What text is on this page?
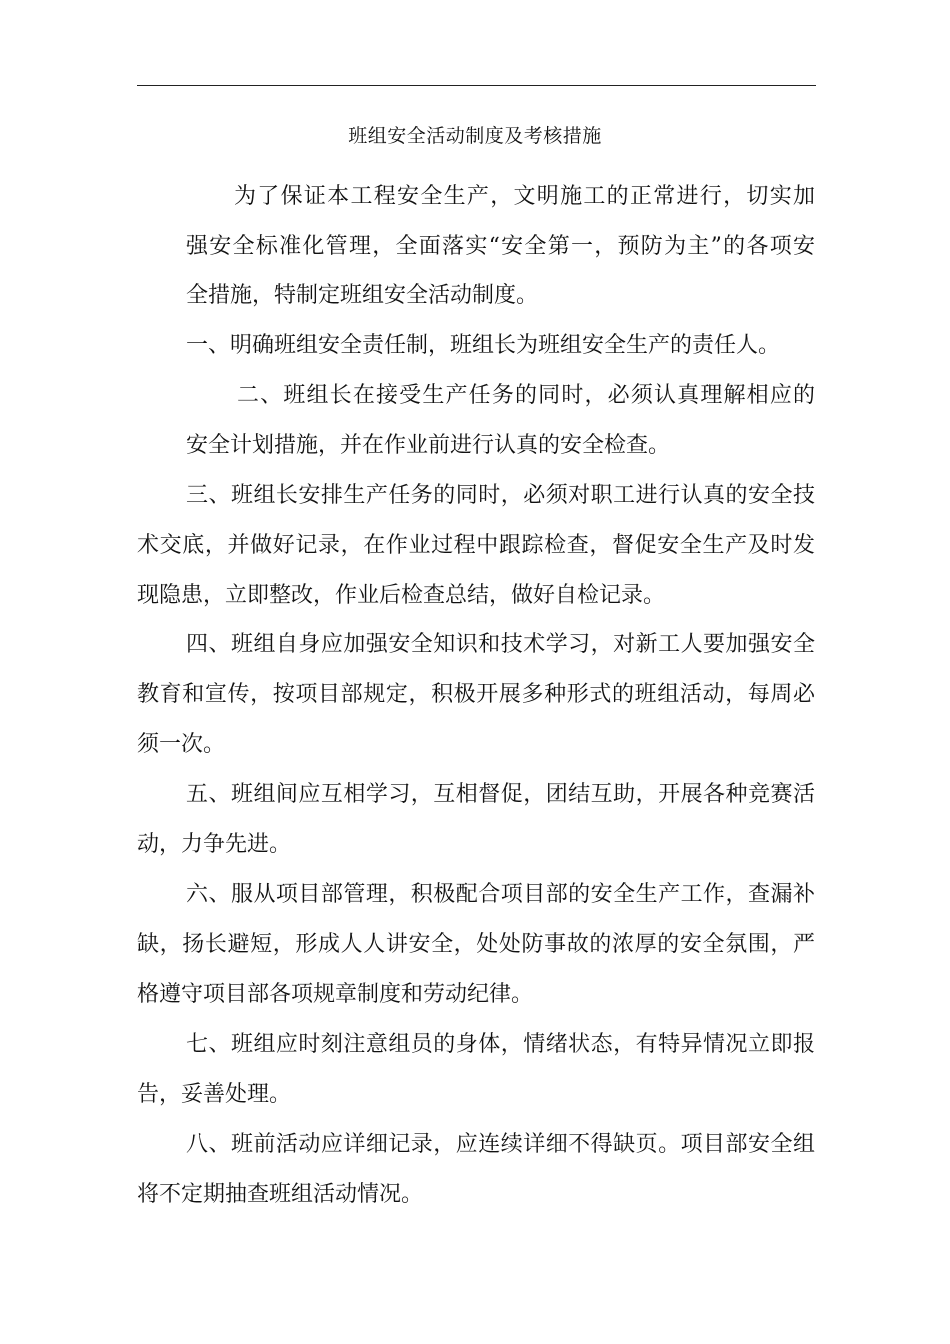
班组安全活动制度及考核措施
为了保证本工程安全生产，文明施工的正常进行，切实加
强安全标准化管理，全面落实“安全第一，预防为主”的各项安
全措施，特制定班组安全活动制度。
一、明确班组安全责任制，班组长为班组安全生产的责任人。
二、班组长在接受生产任务的同时，必须认真理解相应的
安全计划措施，并在作业前进行认真的安全检查。
三、班组长安排生产任务的同时，必须对职工进行认真的安全技
术交底，并做好记录，在作业过程中跟踪检查，督促安全生产及时发
现隐患，立即整改，作业后检查总结，做好自检记录。
四、班组自身应加强安全知识和技术学习，对新工人要加强安全
教育和宣传，按项目部规定，积极开展多种形式的班组活动，每周必
须一次。
五、班组间应互相学习，互相督促，团结互助，开展各种竞赛活
动，力争先进。
六、服从项目部管理，积极配合项目部的安全生产工作，查漏补
缺，扬长避短，形成人人讲安全，处处防事故的浓厚的安全氛围，严
格遵守项目部各项规章制度和劳动纪律。
七、班组应时刻注意组员的身体，情绪状态，有特异情况立即报
告，妥善处理。
八、班前活动应详细记录，应连续详细不得缺页。项目部安全组
将不定期抽查班组活动情况。
